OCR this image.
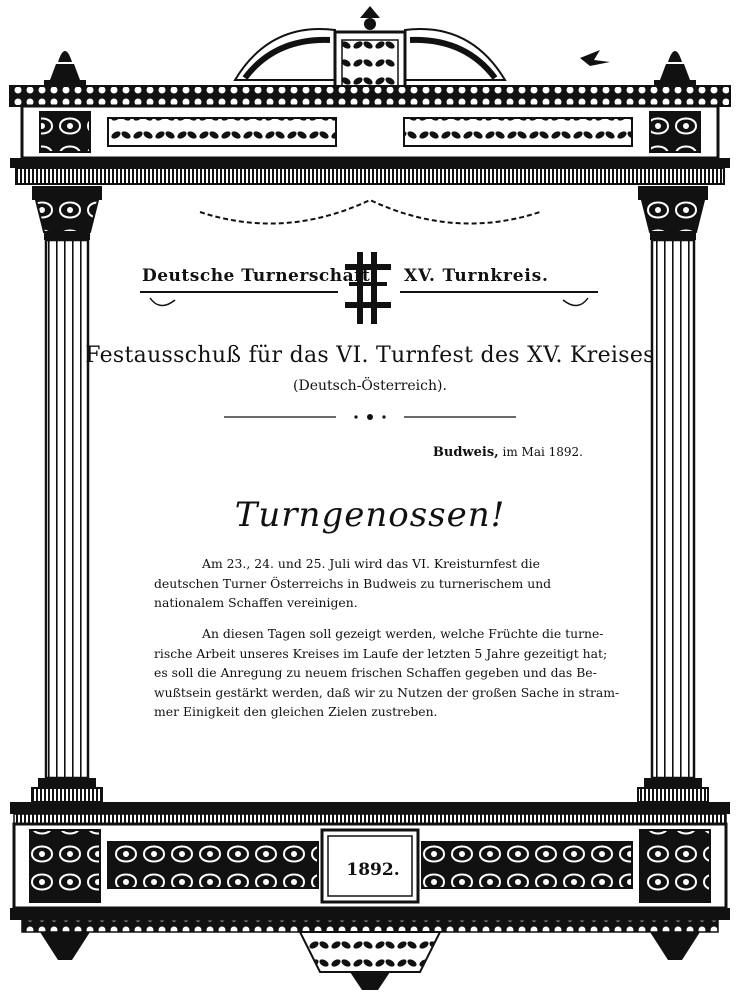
Deutsche Turnerschaft XV. Turnkreis.
Festausschuß für das VI. Turnfest des XV. Kreises
(Deutsch-Österreich).
Budweis, im Mai 1892.
Turngenossen!
Am 23., 24. und 25. Juli wird das VI. Kreisturnfest die
deutschen Turner Österreichs in Budweis zu turnerischem und
nationalem Schaffen vereinigen.
An diesen Tagen soll gezeigt werden, welche Früchte die turne-
rische Arbeit unseres Kreises im Laufe der letzten 5 Jahre gezeitigt hat;
es soll die Anregung zu neuem frischen Schaffen gegeben und das Be-
wußtsein gestärkt werden, daß wir zu Nutzen der großen Sache in stram-
mer Einigkeit den gleichen Zielen zustreben.
1892.
